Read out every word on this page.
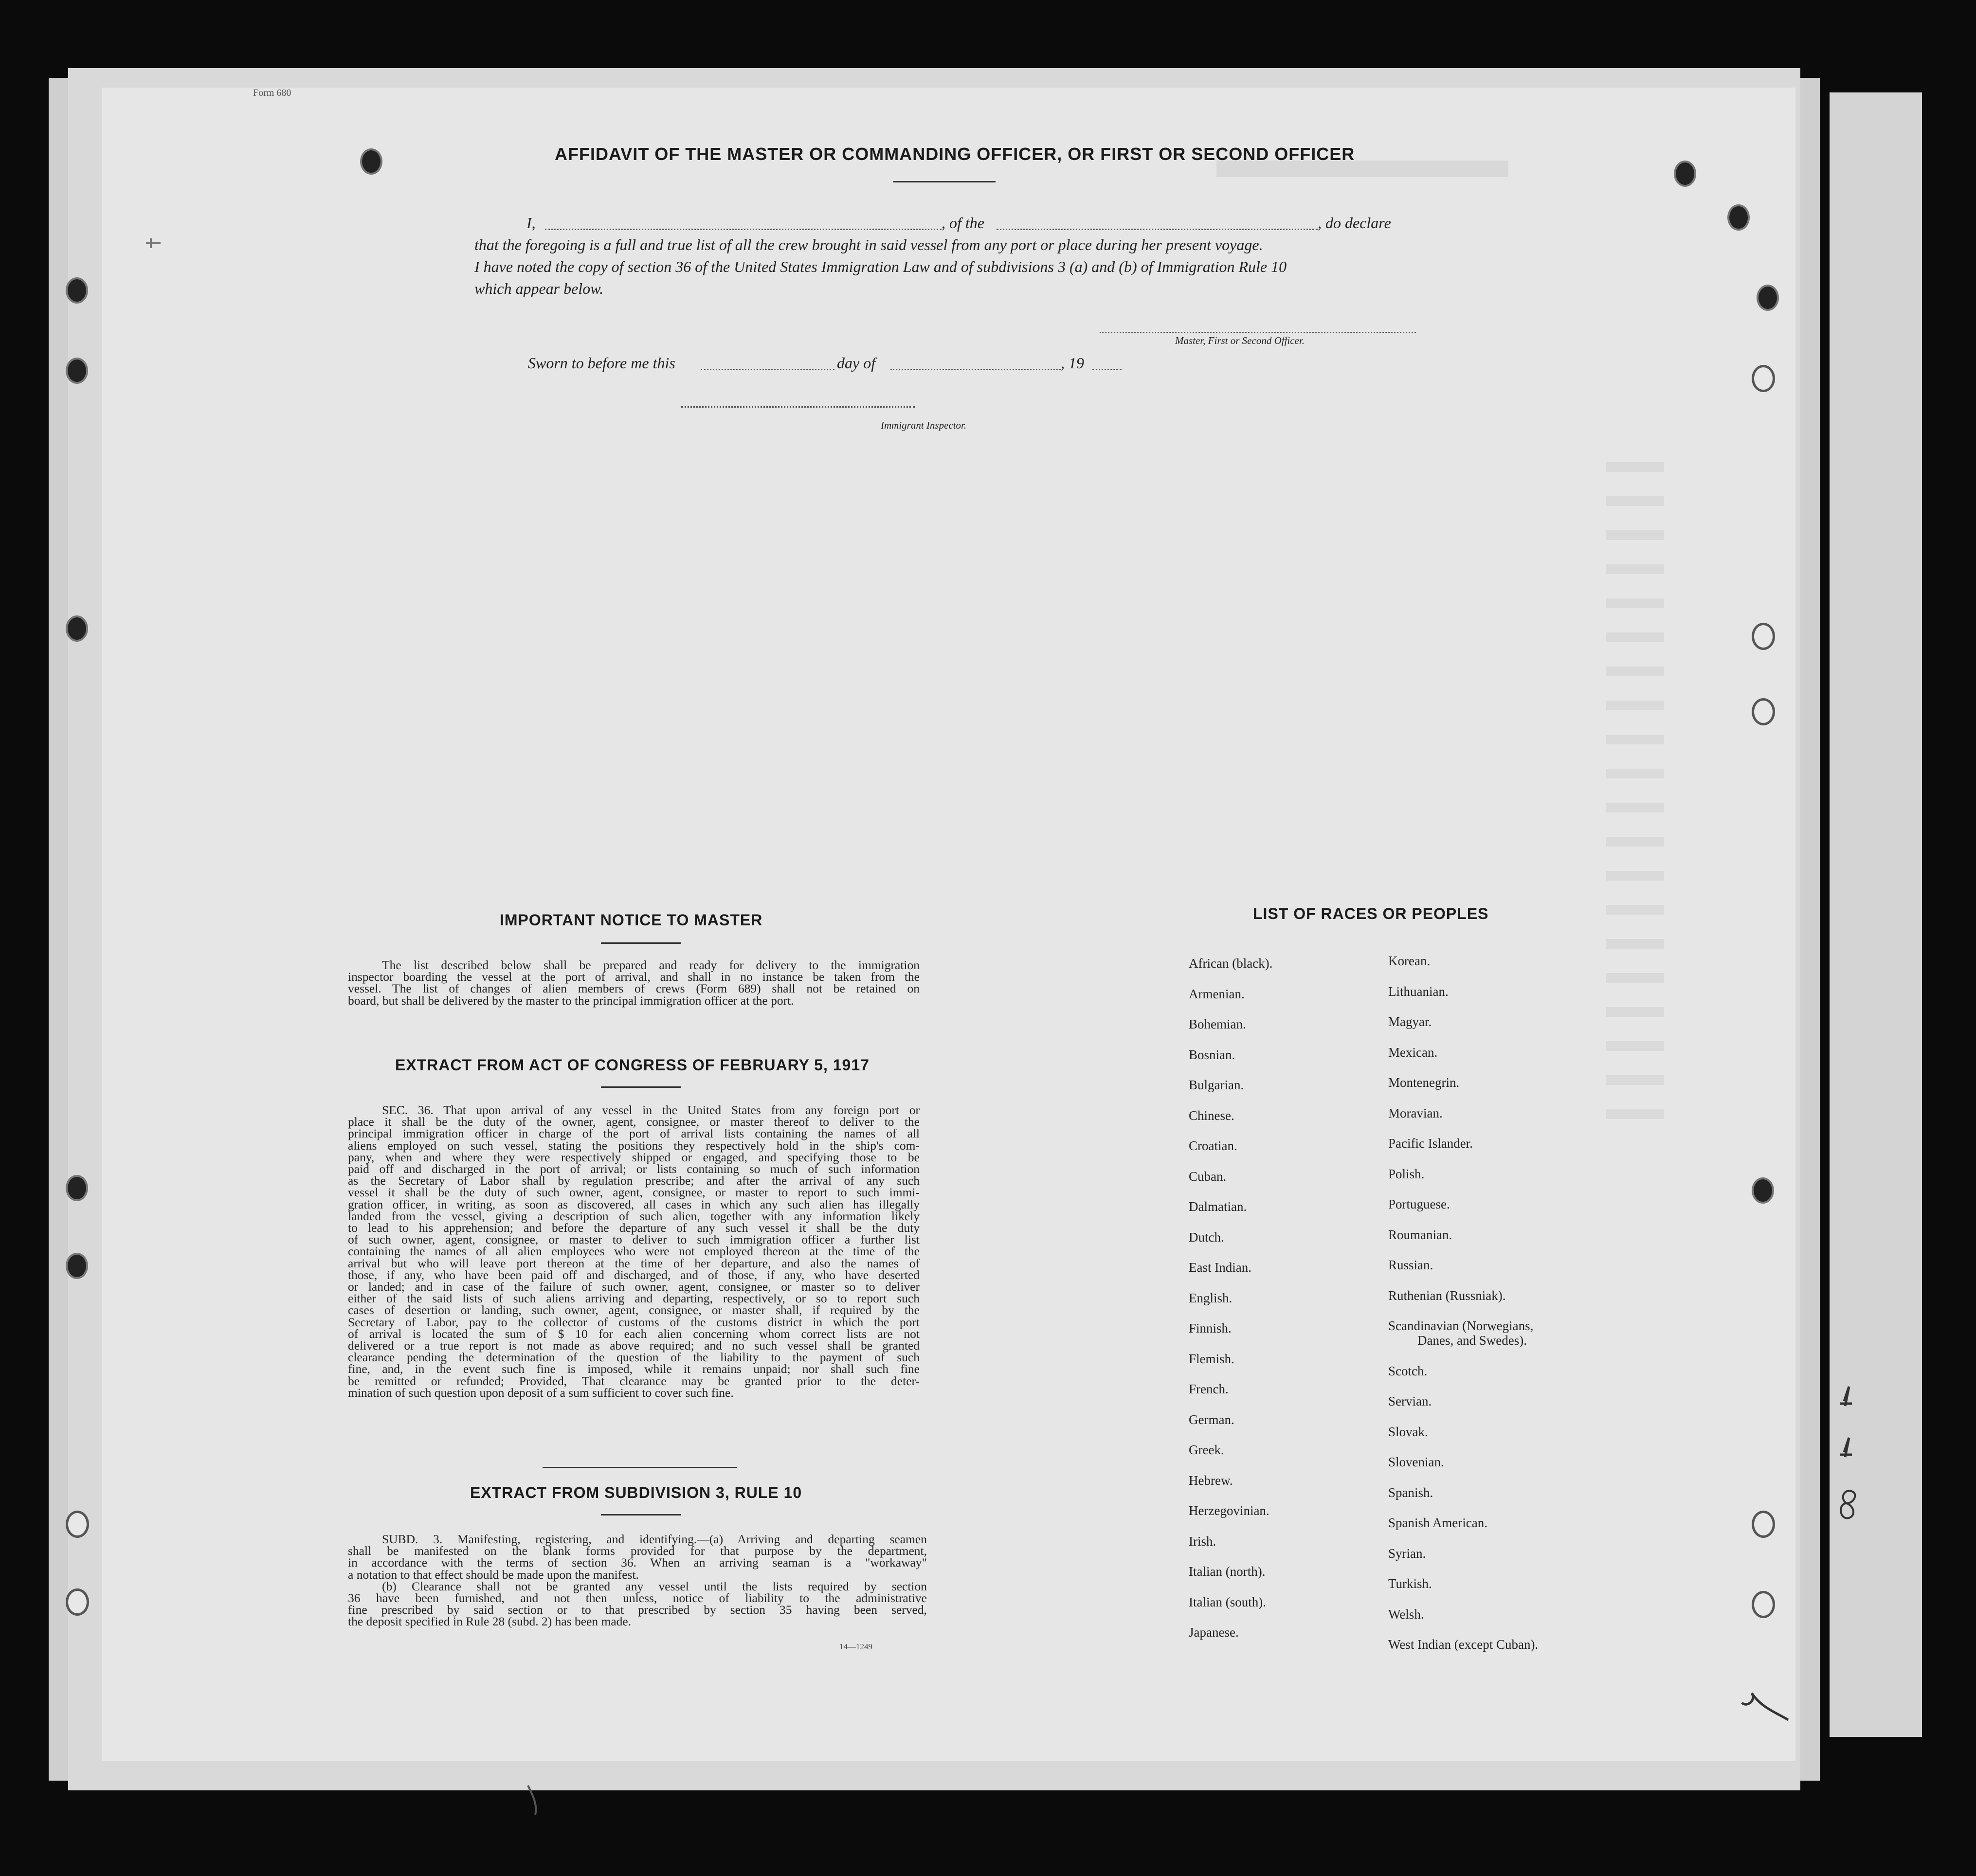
Form 680
AFFIDAVIT OF THE MASTER OR COMMANDING OFFICER, OR FIRST OR SECOND OFFICER
I,	, of the	, do declare
that the foregoing is a full and true list of all the crew brought in said vessel from any port or place during her present voyage.
I have noted the copy of section 36 of the United States Immigration Law and of subdivisions 3 (a) and (b) of Immigration Rule 10
which appear below.
Master, First or Second Officer.
Sworn to before me this	day of	, 19
Immigrant Inspector.
IMPORTANT NOTICE TO MASTER

The list described below shall be prepared and ready for delivery to the immigration

inspector boarding the vessel at the port of arrival, and shall in no instance be taken from the

vessel. The list of changes of alien members of crews (Form 689) shall not be retained on

board, but shall be delivered by the master to the principal immigration officer at the port.

EXTRACT FROM ACT OF CONGRESS OF FEBRUARY 5, 1917

SEC. 36. That upon arrival of any vessel in the United States from any foreign port or

place it shall be the duty of the owner, agent, consignee, or master thereof to deliver to the

principal immigration officer in charge of the port of arrival lists containing the names of all

aliens employed on such vessel, stating the positions they respectively hold in the ship's com-

pany, when and where they were respectively shipped or engaged, and specifying those to be

paid off and discharged in the port of arrival; or lists containing so much of such information

as the Secretary of Labor shall by regulation prescribe; and after the arrival of any such

vessel it shall be the duty of such owner, agent, consignee, or master to report to such immi-

gration officer, in writing, as soon as discovered, all cases in which any such alien has illegally

landed from the vessel, giving a description of such alien, together with any information likely

to lead to his apprehension; and before the departure of any such vessel it shall be the duty

of such owner, agent, consignee, or master to deliver to such immigration officer a further list

containing the names of all alien employees who were not employed thereon at the time of the

arrival but who will leave port thereon at the time of her departure, and also the names of

those, if any, who have been paid off and discharged, and of those, if any, who have deserted

or landed; and in case of the failure of such owner, agent, consignee, or master so to deliver

either of the said lists of such aliens arriving and departing, respectively, or so to report such

cases of desertion or landing, such owner, agent, consignee, or master shall, if required by the

Secretary of Labor, pay to the collector of customs of the customs district in which the port

of arrival is located the sum of $ 10 for each alien concerning whom correct lists are not

delivered or a true report is not made as above required; and no such vessel shall be granted

clearance pending the determination of the question of the liability to the payment of such

fine, and, in the event such fine is imposed, while it remains unpaid; nor shall such fine

be remitted or refunded; Provided, That clearance may be granted prior to the deter-

mination of such question upon deposit of a sum sufficient to cover such fine.

EXTRACT FROM SUBDIVISION 3, RULE 10

SUBD. 3. Manifesting, registering, and identifying.—(a) Arriving and departing seamen

shall be manifested on the blank forms provided for that purpose by the department,

in accordance with the terms of section 36. When an arriving seaman is a "workaway"

a notation to that effect should be made upon the manifest.

(b) Clearance shall not be granted any vessel until the lists required by section

36 have been furnished, and not then unless, notice of liability to the administrative

fine prescribed by said section or to that prescribed by section 35 having been served,

the deposit specified in Rule 28 (subd. 2) has been made.

14—1249
LIST OF RACES OR PEOPLES
African (black).
Armenian.
Bohemian.
Bosnian.
Bulgarian.
Chinese.
Croatian.
Cuban.
Dalmatian.
Dutch.
East Indian.
English.
Finnish.
Flemish.
French.
German.
Greek.
Hebrew.
Herzegovinian.
Irish.
Italian (north).
Italian (south).
Japanese.
Korean.
Lithuanian.
Magyar.
Mexican.
Montenegrin.
Moravian.
Pacific Islander.
Polish.
Portuguese.
Roumanian.
Russian.
Ruthenian (Russniak).
Scandinavian (Norwegians,
Danes, and Swedes).
Scotch.
Servian.
Slovak.
Slovenian.
Spanish.
Spanish American.
Syrian.
Turkish.
Welsh.
West Indian (except Cuban).
